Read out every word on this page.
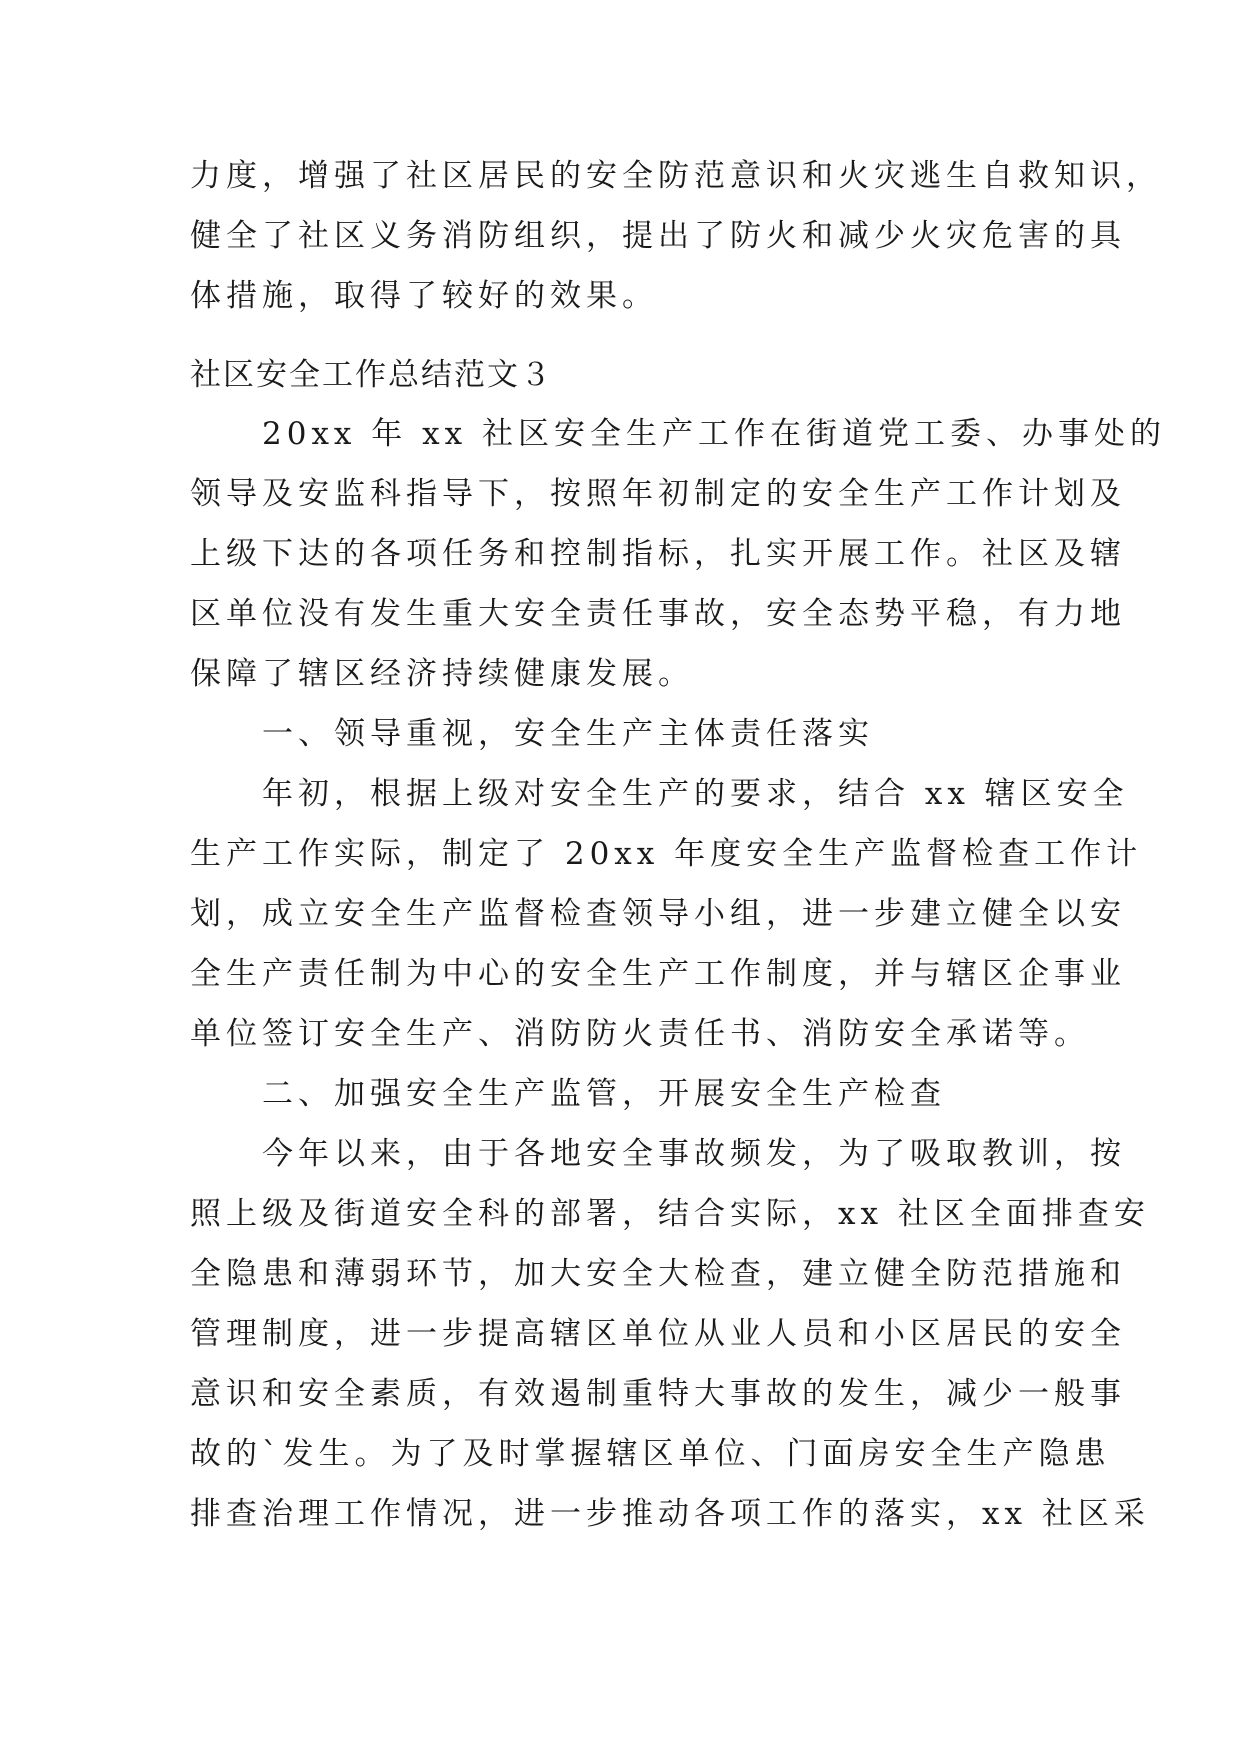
力度，增强了社区居民的安全防范意识和火灾逃生自救知识，
健全了社区义务消防组织，提出了防火和减少火灾危害的具
体措施，取得了较好的效果。
社区安全工作总结范文３
　　20xx 年 xx 社区安全生产工作在街道党工委、办事处的
领导及安监科指导下，按照年初制定的安全生产工作计划及
上级下达的各项任务和控制指标，扎实开展工作。社区及辖
区单位没有发生重大安全责任事故，安全态势平稳，有力地
保障了辖区经济持续健康发展。
　　一、领导重视，安全生产主体责任落实
　　年初，根据上级对安全生产的要求，结合 xx 辖区安全
生产工作实际，制定了 20xx 年度安全生产监督检查工作计
划，成立安全生产监督检查领导小组，进一步建立健全以安
全生产责任制为中心的安全生产工作制度，并与辖区企事业
单位签订安全生产、消防防火责任书、消防安全承诺等。
　　二、加强安全生产监管，开展安全生产检查
　　今年以来，由于各地安全事故频发，为了吸取教训，按
照上级及街道安全科的部署，结合实际，xx 社区全面排查安
全隐患和薄弱环节，加大安全大检查，建立健全防范措施和
管理制度，进一步提高辖区单位从业人员和小区居民的安全
意识和安全素质，有效遏制重特大事故的发生，减少一般事
故的`发生。为了及时掌握辖区单位、门面房安全生产隐患
排查治理工作情况，进一步推动各项工作的落实，xx 社区采
